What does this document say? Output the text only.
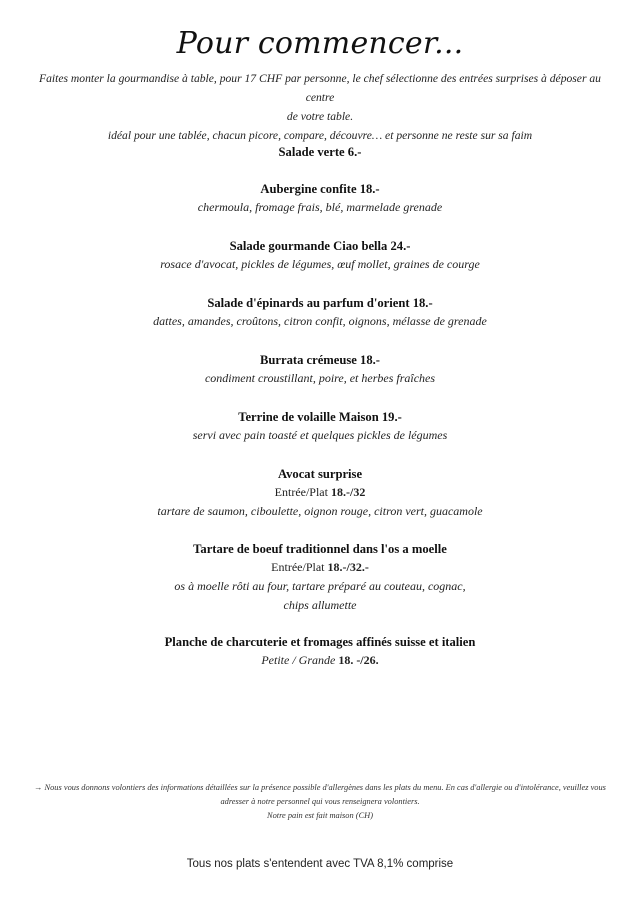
Pour commencer...

Faites monter la gourmandise à table, pour 17 CHF par personne, le chef sélectionne des entrées surprises à déposer au centre

de votre table.

idéal pour une tablée, chacun picore, compare, découvre… et personne ne reste sur sa faim

Salade verte 6.-
Aubergine confite 18.-
chermoula, fromage frais, blé, marmelade grenade
Salade gourmande Ciao bella 24.-
rosace d'avocat, pickles de légumes, œuf mollet, graines de courge
Salade d'épinards au parfum d'orient 18.-
dattes, amandes, croûtons, citron confit, oignons, mélasse de grenade
Burrata crémeuse 18.-
condiment croustillant, poire, et herbes fraîches
Terrine de volaille Maison 19.-
servi avec pain toasté et quelques pickles de légumes
Avocat surprise
Entrée/Plat 18.-/32
tartare de saumon, ciboulette, oignon rouge, citron vert, guacamole
Tartare de boeuf traditionnel dans l'os a moelle
Entrée/Plat 18.-/32.-
os à moelle rôti au four, tartare préparé au couteau, cognac,
chips allumette
Planche de charcuterie et fromages affinés suisse et italien
Petite / Grande 18. -/26.

→ Nous vous donnons volontiers des informations détaillées sur la présence possible d'allergènes dans les plats du menu. En cas d'allergie ou d'intolérance, veuillez vous

adresser à notre personnel qui vous renseignera volontiers.

Notre pain est fait maison (CH)

Tous nos plats s'entendent avec TVA 8,1% comprise
